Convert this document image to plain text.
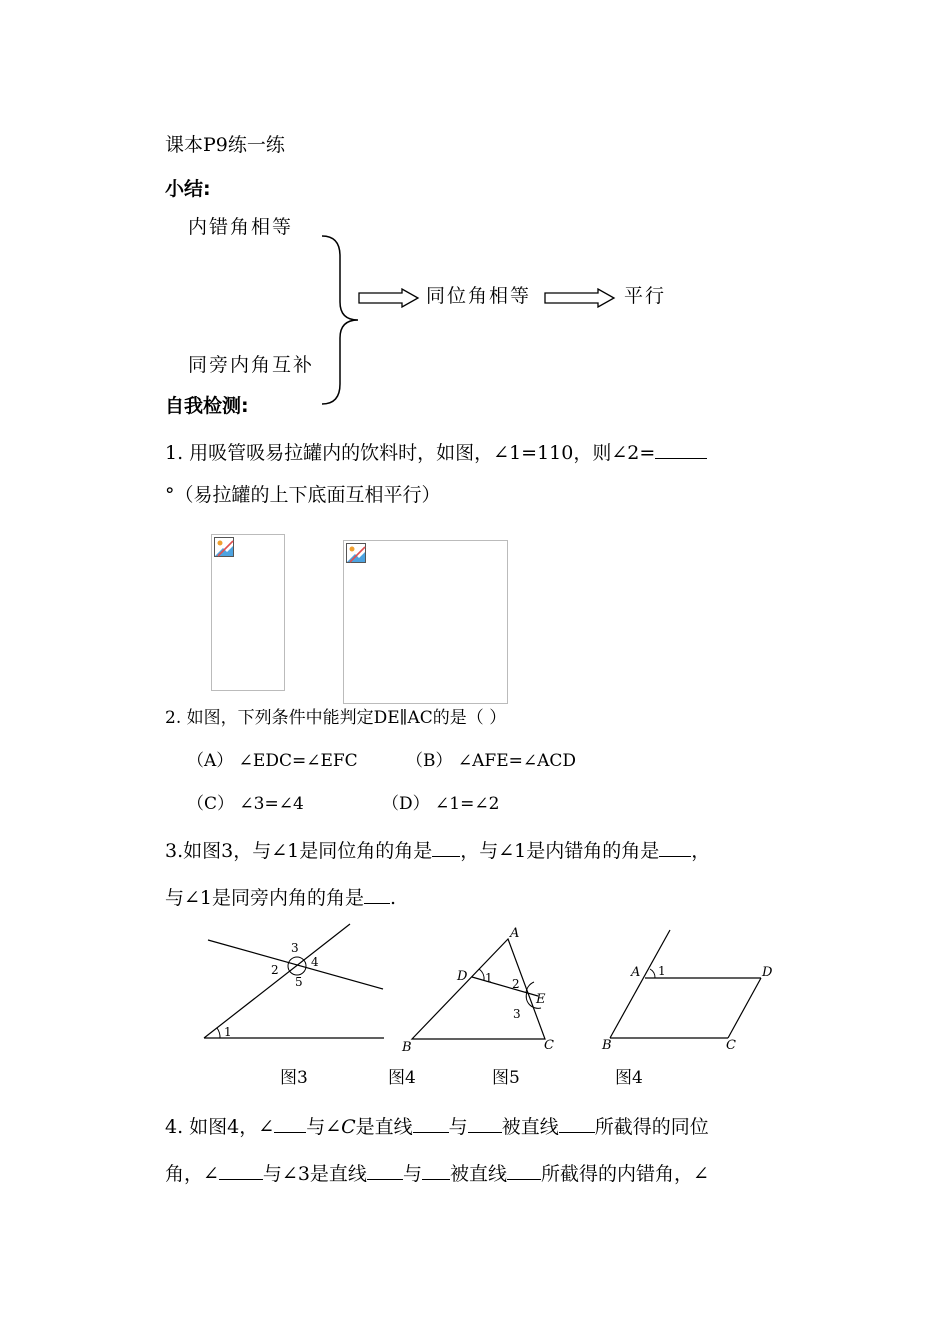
课本P9练一练
小结:
内错角相等
同旁内角互补
同位角相等	平行
自我检测:
1. 用吸管吸易拉罐内的饮料时，如图，∠1=110，则∠2=
°（易拉罐的上下底面互相平行）
2. 如图，下列条件中能判定DE∥AC的是（ ）
（A） ∠EDC=∠EFC	（B） ∠AFE=∠ACD
（C） ∠3=∠4	（D） ∠1=∠2
3.如图3，与∠1是同位角的角是 ，与∠1是内错角的角是 ，
与∠1是同旁内角的角是 .
1
2
3
4
5
图3
A
D
E
B	C
1 2
3
图4
A 1	D
B	C
图5	图4
4. 如图4，∠ 与∠C是直线 与 被直线 所截得的同位
角，∠ 与∠3是直线 与 被直线 所截得的内错角，∠
